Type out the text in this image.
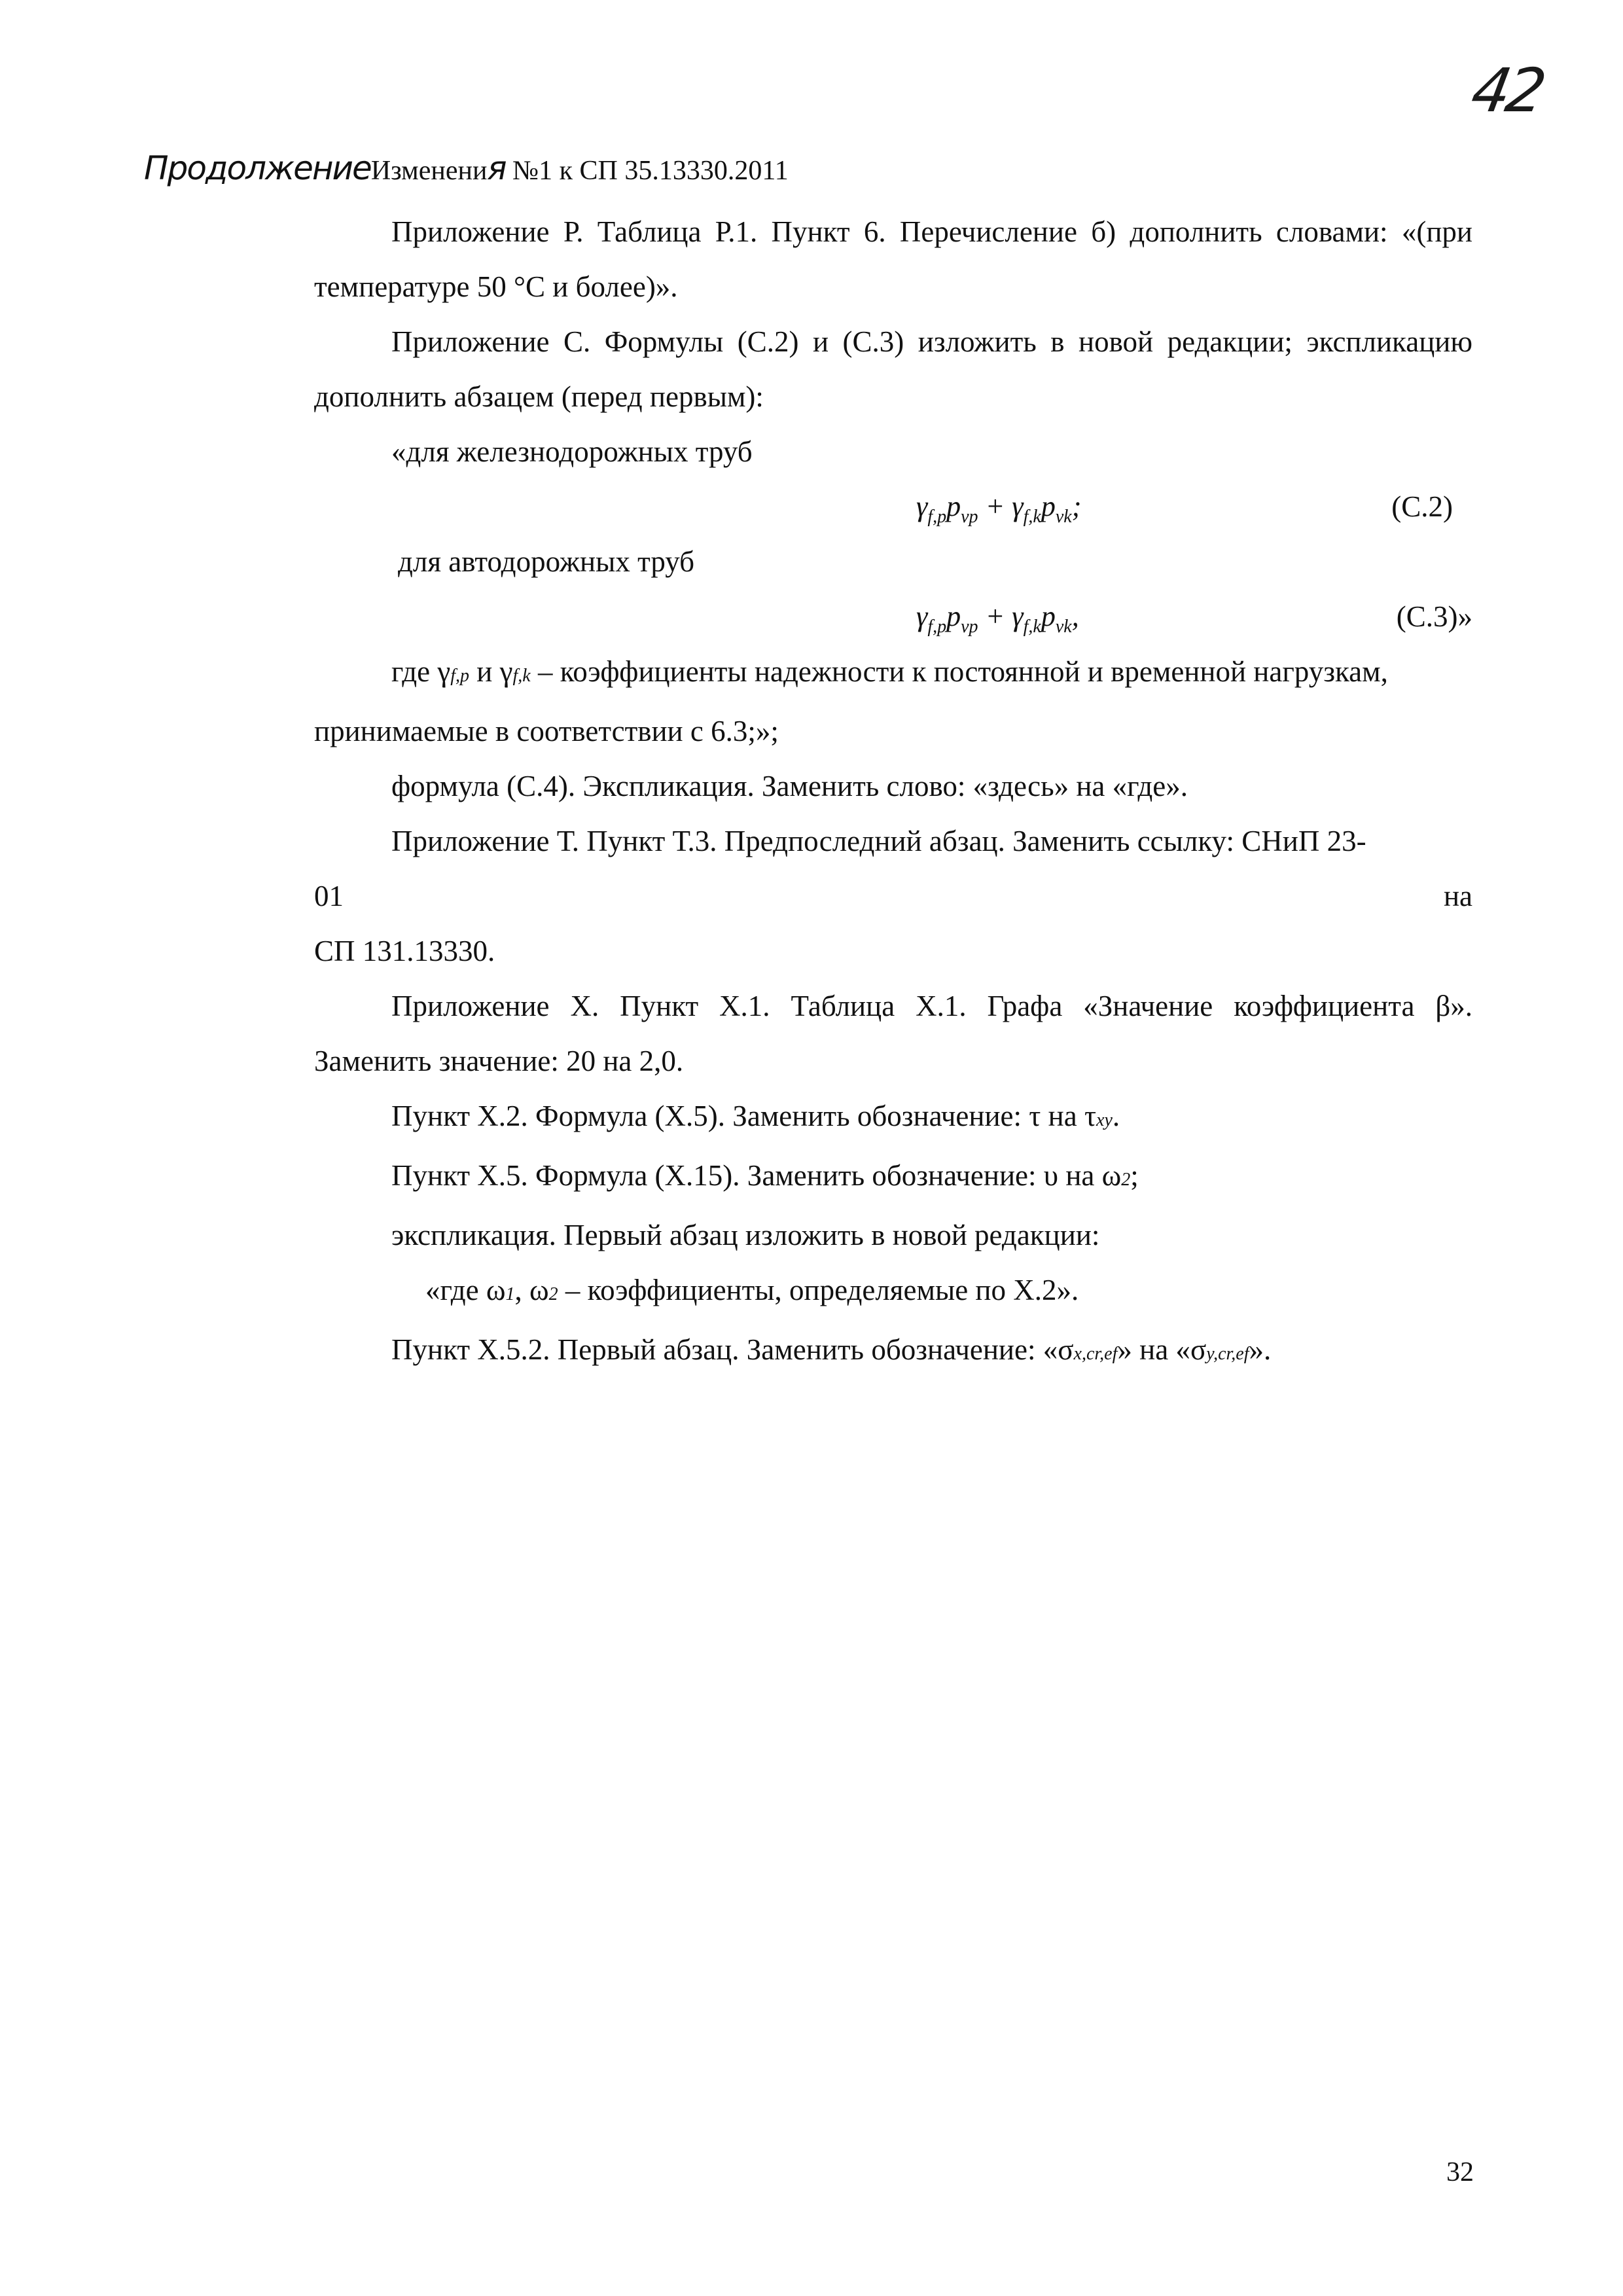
42
ПродолжениеИзменения №1 к СП 35.13330.2011

Приложение Р. Таблица Р.1. Пункт 6. Перечисление б) дополнить словами: «(при температуре 50 °С и более)».

Приложение С. Формулы (С.2) и (С.3) изложить в новой редакции; экспликацию дополнить абзацем (перед первым):

«для железнодорожных труб

$\gamma_{f,p}p_{vp} + \gamma_{f,k}p_{vk}$;	(С.2)

для автодорожных труб

$\gamma_{f,p}p_{vp} + \gamma_{f,k}p_{vk}$,	(С.3)»

где γf,p и γf,k – коэффициенты надежности к постоянной и временной нагрузкам,

принимаемые в соответствии с 6.3;»;

формула (С.4). Экспликация. Заменить слово: «здесь» на «где».

Приложение Т. Пункт Т.3. Предпоследний абзац. Заменить ссылку: СНиП 23-

01	на

СП 131.13330.

Приложение Х. Пункт Х.1. Таблица Х.1. Графа «Значение коэффициента β». Заменить значение: 20 на 2,0.

Пункт Х.2. Формула (Х.5). Заменить обозначение: τ на τxy.

Пункт Х.5. Формула (Х.15). Заменить обозначение: υ на ω2;

экспликация. Первый абзац изложить в новой редакции:

«где ω1, ω2 – коэффициенты, определяемые по Х.2».

Пункт Х.5.2. Первый абзац. Заменить обозначение: «σx,cr,ef» на «σy,cr,ef».

32
